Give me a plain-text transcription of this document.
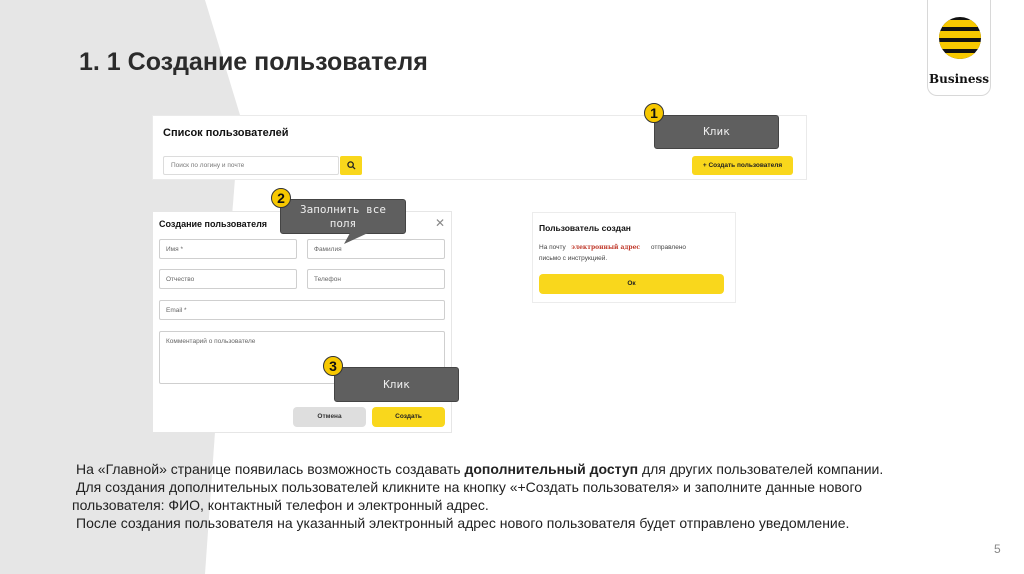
1. 1 Создание пользователя
Business
Список пользователей
Поиск по логину и почте	+ Создать пользователя
Создание пользователя	✕
Имя *	Фамилия
Отчество	Телефон
Email *
Комментарий о пользователе
Отмена	Создать
Пользователь создан
На почту электронный адрес отправлено
письмо с инструкцией.
Ок
Клик
1
Заполнить все поля
2
Клик
3

На «Главной» странице появилась возможность создавать дополнительный доступ для других пользователей компании.

Для создания дополнительных пользователей кликните на кнопку «+Создать пользователя» и заполните данные нового

пользователя: ФИО, контактный телефон и электронный адрес.

После создания пользователя на указанный электронный адрес нового пользователя будет отправлено уведомление.

5
